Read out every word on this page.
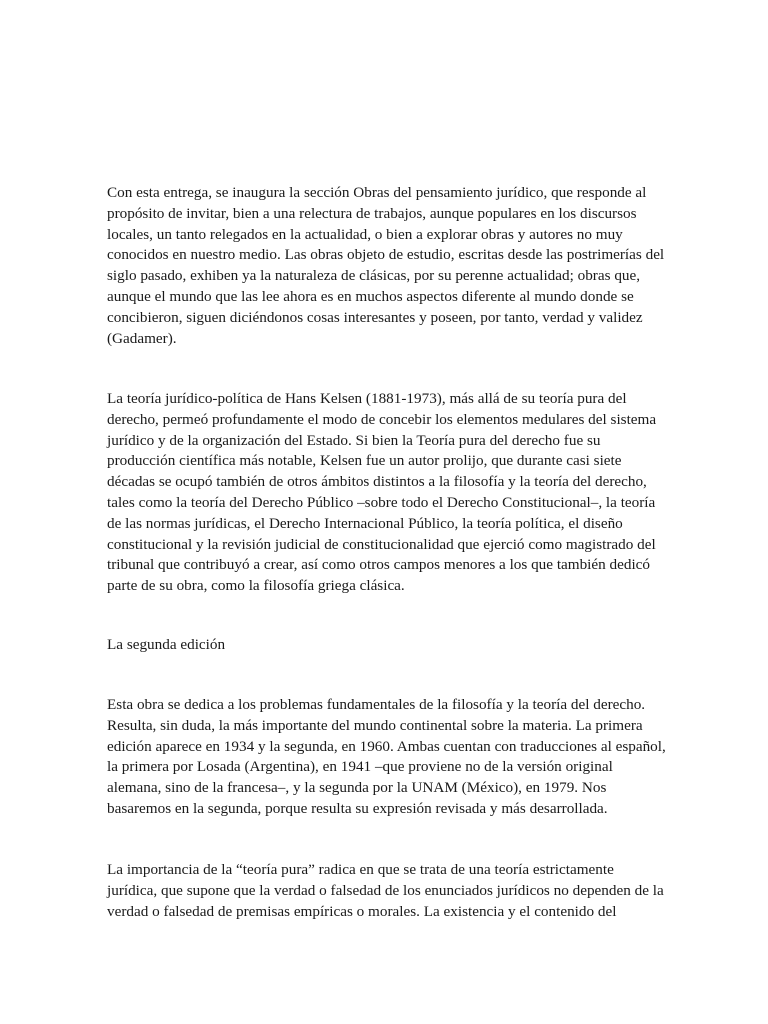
Con esta entrega, se inaugura la sección Obras del pensamiento jurídico, que responde al
propósito de invitar, bien a una relectura de trabajos, aunque populares en los discursos
locales, un tanto relegados en la actualidad, o bien a explorar obras y autores no muy
conocidos en nuestro medio. Las obras objeto de estudio, escritas desde las postrimerías del
siglo pasado, exhiben ya la naturaleza de clásicas, por su perenne actualidad; obras que,
aunque el mundo que las lee ahora es en muchos aspectos diferente al mundo donde se
concibieron, siguen diciéndonos cosas interesantes y poseen, por tanto, verdad y validez
(Gadamer).

La teoría jurídico-política de Hans Kelsen (1881-1973), más allá de su teoría pura del
derecho, permeó profundamente el modo de concebir los elementos medulares del sistema
jurídico y de la organización del Estado. Si bien la Teoría pura del derecho fue su
producción científica más notable, Kelsen fue un autor prolijo, que durante casi siete
décadas se ocupó también de otros ámbitos distintos a la filosofía y la teoría del derecho,
tales como la teoría del Derecho Público –sobre todo el Derecho Constitucional–, la teoría
de las normas jurídicas, el Derecho Internacional Público, la teoría política, el diseño
constitucional y la revisión judicial de constitucionalidad que ejerció como magistrado del
tribunal que contribuyó a crear, así como otros campos menores a los que también dedicó
parte de su obra, como la filosofía griega clásica.

La segunda edición

Esta obra se dedica a los problemas fundamentales de la filosofía y la teoría del derecho.
Resulta, sin duda, la más importante del mundo continental sobre la materia. La primera
edición aparece en 1934 y la segunda, en 1960. Ambas cuentan con traducciones al español,
la primera por Losada (Argentina), en 1941 –que proviene no de la versión original
alemana, sino de la francesa–, y la segunda por la UNAM (México), en 1979. Nos
basaremos en la segunda, porque resulta su expresión revisada y más desarrollada.

La importancia de la “teoría pura” radica en que se trata de una teoría estrictamente
jurídica, que supone que la verdad o falsedad de los enunciados jurídicos no dependen de la
verdad o falsedad de premisas empíricas o morales. La existencia y el contenido del
